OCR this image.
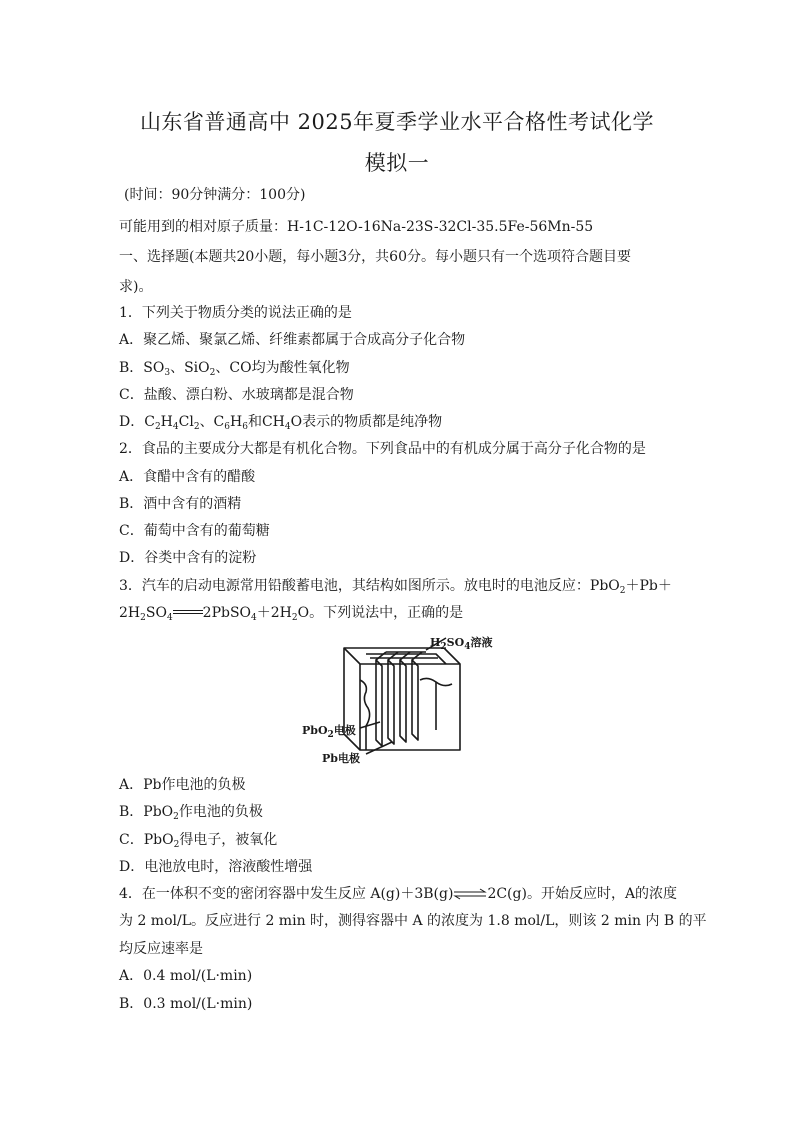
山东省普通高中 2025年夏季学业水平合格性考试化学
模拟一
(时间：90分钟满分：100分)
可能用到的相对原子质量：H-1C-12O-16Na-23S-32Cl-35.5Fe-56Mn-55
一、选择题(本题共20小题，每小题3分，共60分。每小题只有一个选项符合题目要
求)。
1．下列关于物质分类的说法正确的是
A．聚乙烯、聚氯乙烯、纤维素都属于合成高分子化合物
B．$SO_3$、SiO$_2$、CO均为酸性氧化物
C．盐酸、漂白粉、水玻璃都是混合物
D．$C_2H_4Cl_2$、$C_6H_6$和$CH_4O$表示的物质都是纯净物
2．食品的主要成分大都是有机化合物。下列食品中的有机成分属于高分子化合物的是
A．食醋中含有的醋酸
B．酒中含有的酒精
C．葡萄中含有的葡萄糖
D．谷类中含有的淀粉
3．汽车的启动电源常用铅酸蓄电池，其结构如图所示。放电时的电池反应：PbO$_2$＋Pb＋
$2H_2SO_4$ $2PbSO_4+2H_2O$。下列说法中，正确的是
$H_2SO_4$溶液
PbO$_2$电极
Pb电极
A．Pb作电池的负极
B．PbO$_2$作电池的负极
C．PbO$_2$得电子，被氧化
D．电池放电时，溶液酸性增强
4．在一体积不变的密闭容器中发生反应 A(g)＋3B(g)⇌2C(g)。开始反应时，A的浓度
为 2 mol/L。反应进行 2 min 时，测得容器中 A 的浓度为 1.8 mol/L，则该 2 min 内 B 的平
均反应速率是
A．0.4 mol/(L·min)
B．0.3 mol/(L·min)
